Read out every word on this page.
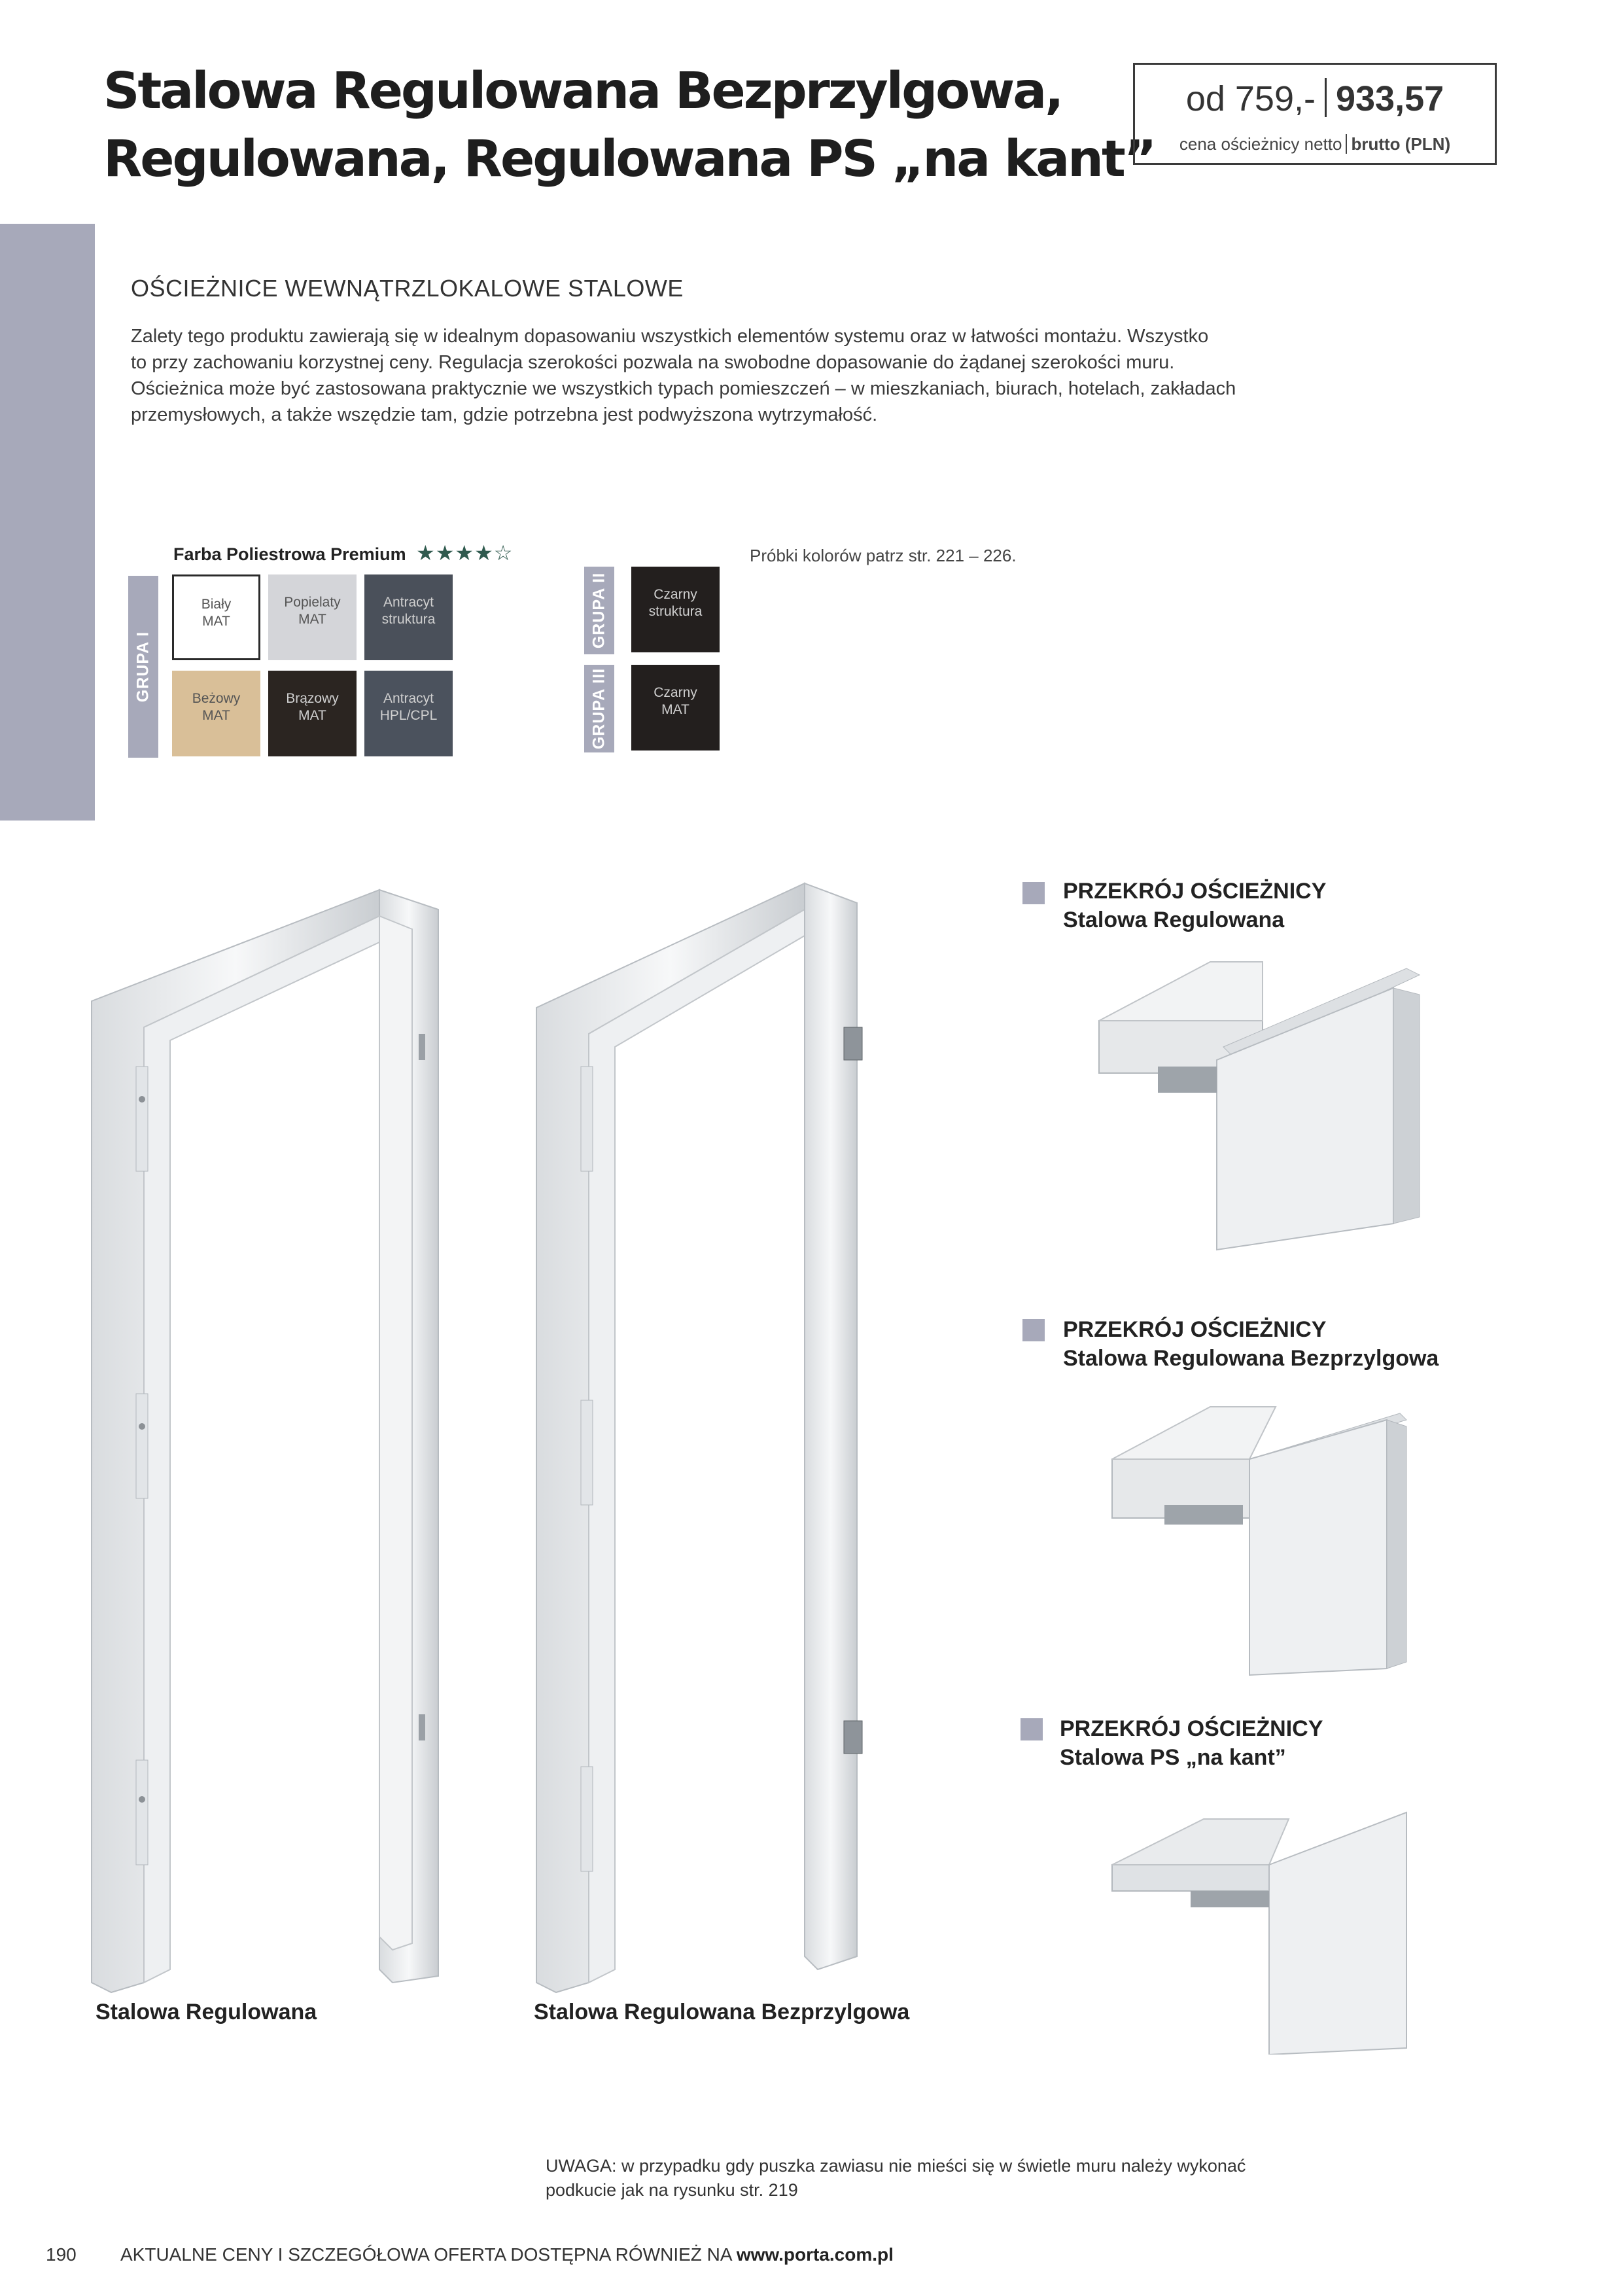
Stalowa Regulowana Bezprzylgowa,
Regulowana, Regulowana PS „na kant”
od 759,- 933,57
cena ościeżnicy netto brutto (PLN)
OŚCIEŻNICE WEWNĄTRZLOKALOWE STALOWE
Zalety tego produktu zawierają się w idealnym dopasowaniu wszystkich elementów systemu oraz w łatwości montażu. Wszystko
to przy zachowaniu korzystnej ceny. Regulacja szerokości pozwala na swobodne dopasowanie do żądanej szerokości muru.
Ościeżnica może być zastosowana praktycznie we wszystkich typach pomieszczeń – w mieszkaniach, biurach, hotelach, zakładach
przemysłowych, a także wszędzie tam, gdzie potrzebna jest podwyższona wytrzymałość.
Farba Poliestrowa Premium ★★★★☆	Próbki kolorów patrz str. 221 – 226.
GRUPA I
GRUPA II
GRUPA III
Biały
MAT
Popielaty
MAT
Antracyt
struktura
Beżowy
MAT
Brązowy
MAT
Antracyt
HPL/CPL
Czarny
struktura
Czarny
MAT
Stalowa Regulowana	Stalowa Regulowana Bezprzylgowa
PRZEKRÓJ OŚCIEŻNICY
Stalowa Regulowana
PRZEKRÓJ OŚCIEŻNICY
Stalowa Regulowana Bezprzylgowa
PRZEKRÓJ OŚCIEŻNICY
Stalowa PS „na kant”
UWAGA: w przypadku gdy puszka zawiasu nie mieści się w świetle muru należy wykonać
podkucie jak na rysunku str. 219
190 AKTUALNE CENY I SZCZEGÓŁOWA OFERTA DOSTĘPNA RÓWNIEŻ NA www.porta.com.pl
